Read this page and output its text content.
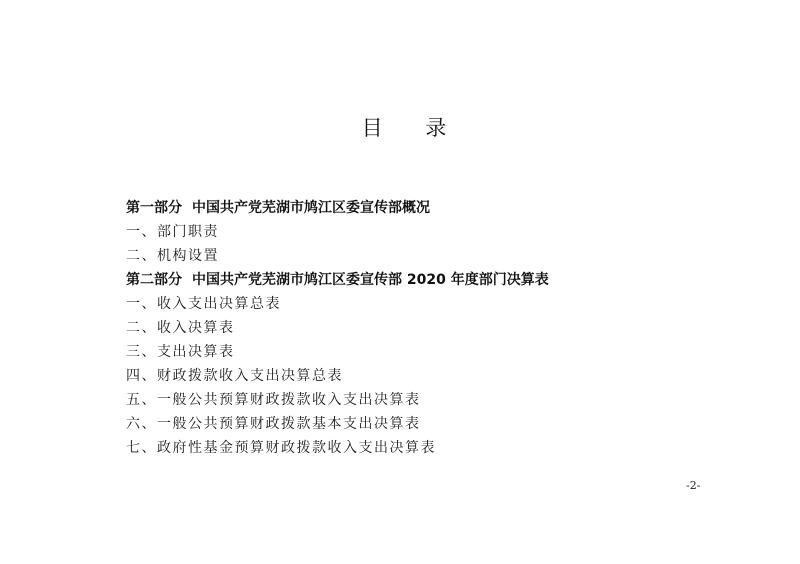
目 录
第一部分 中国共产党芜湖市鸠江区委宣传部概况
一、部门职责
二、机构设置
第二部分 中国共产党芜湖市鸠江区委宣传部 2020 年度部门决算表
一、收入支出决算总表
二、收入决算表
三、支出决算表
四、财政拨款收入支出决算总表
五、一般公共预算财政拨款收入支出决算表
六、一般公共预算财政拨款基本支出决算表
七、政府性基金预算财政拨款收入支出决算表
-2-
